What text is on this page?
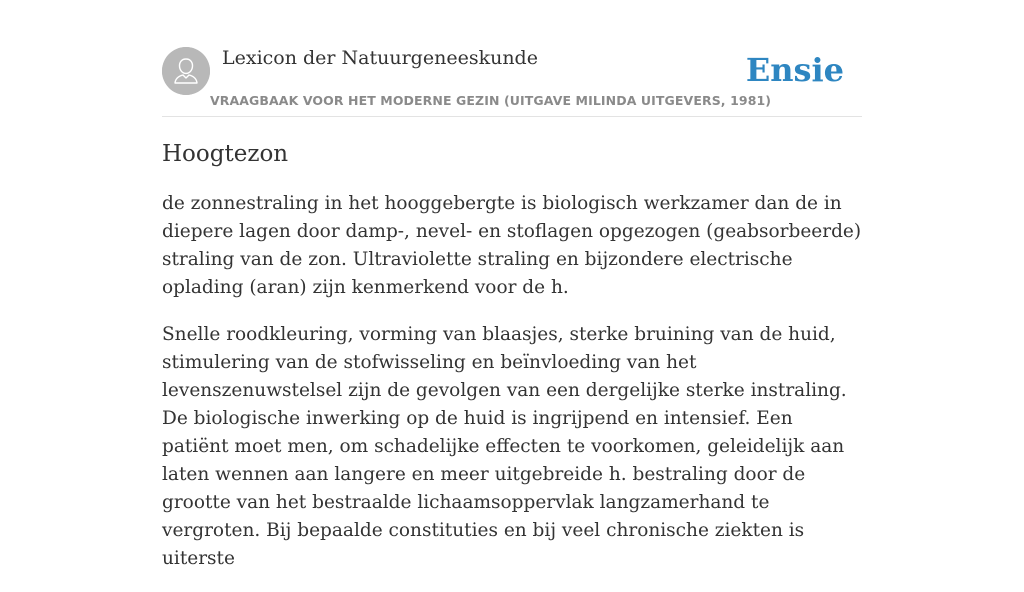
Lexicon der Natuurgeneeskunde
VRAAGBAAK VOOR HET MODERNE GEZIN (UITGAVE MILINDA UITGEVERS, 1981)
Ensie
Hoogtezon

de zonnestraling in het hooggebergte is biologisch werkzamer dan de in diepere lagen door damp-, nevel- en stoflagen opgezogen (geabsorbeerde) straling van de zon. Ultraviolette straling en bijzondere electrische oplading (aran) zijn kenmerkend voor de h.

Snelle roodkleuring, vorming van blaasjes, sterke bruining van de huid, stimulering van de stofwisseling en beïnvloeding van het levenszenuwstelsel zijn de gevolgen van een dergelijke sterke instraling. De biologische inwerking op de huid is ingrijpend en intensief. Een patiënt moet men, om schadelijke effecten te voorkomen, geleidelijk aan laten wennen aan langere en meer uitgebreide h. bestraling door de grootte van het bestraalde lichaamsoppervlak langzamerhand te vergroten. Bij bepaalde constituties en bij veel chronische ziekten is uiterste
